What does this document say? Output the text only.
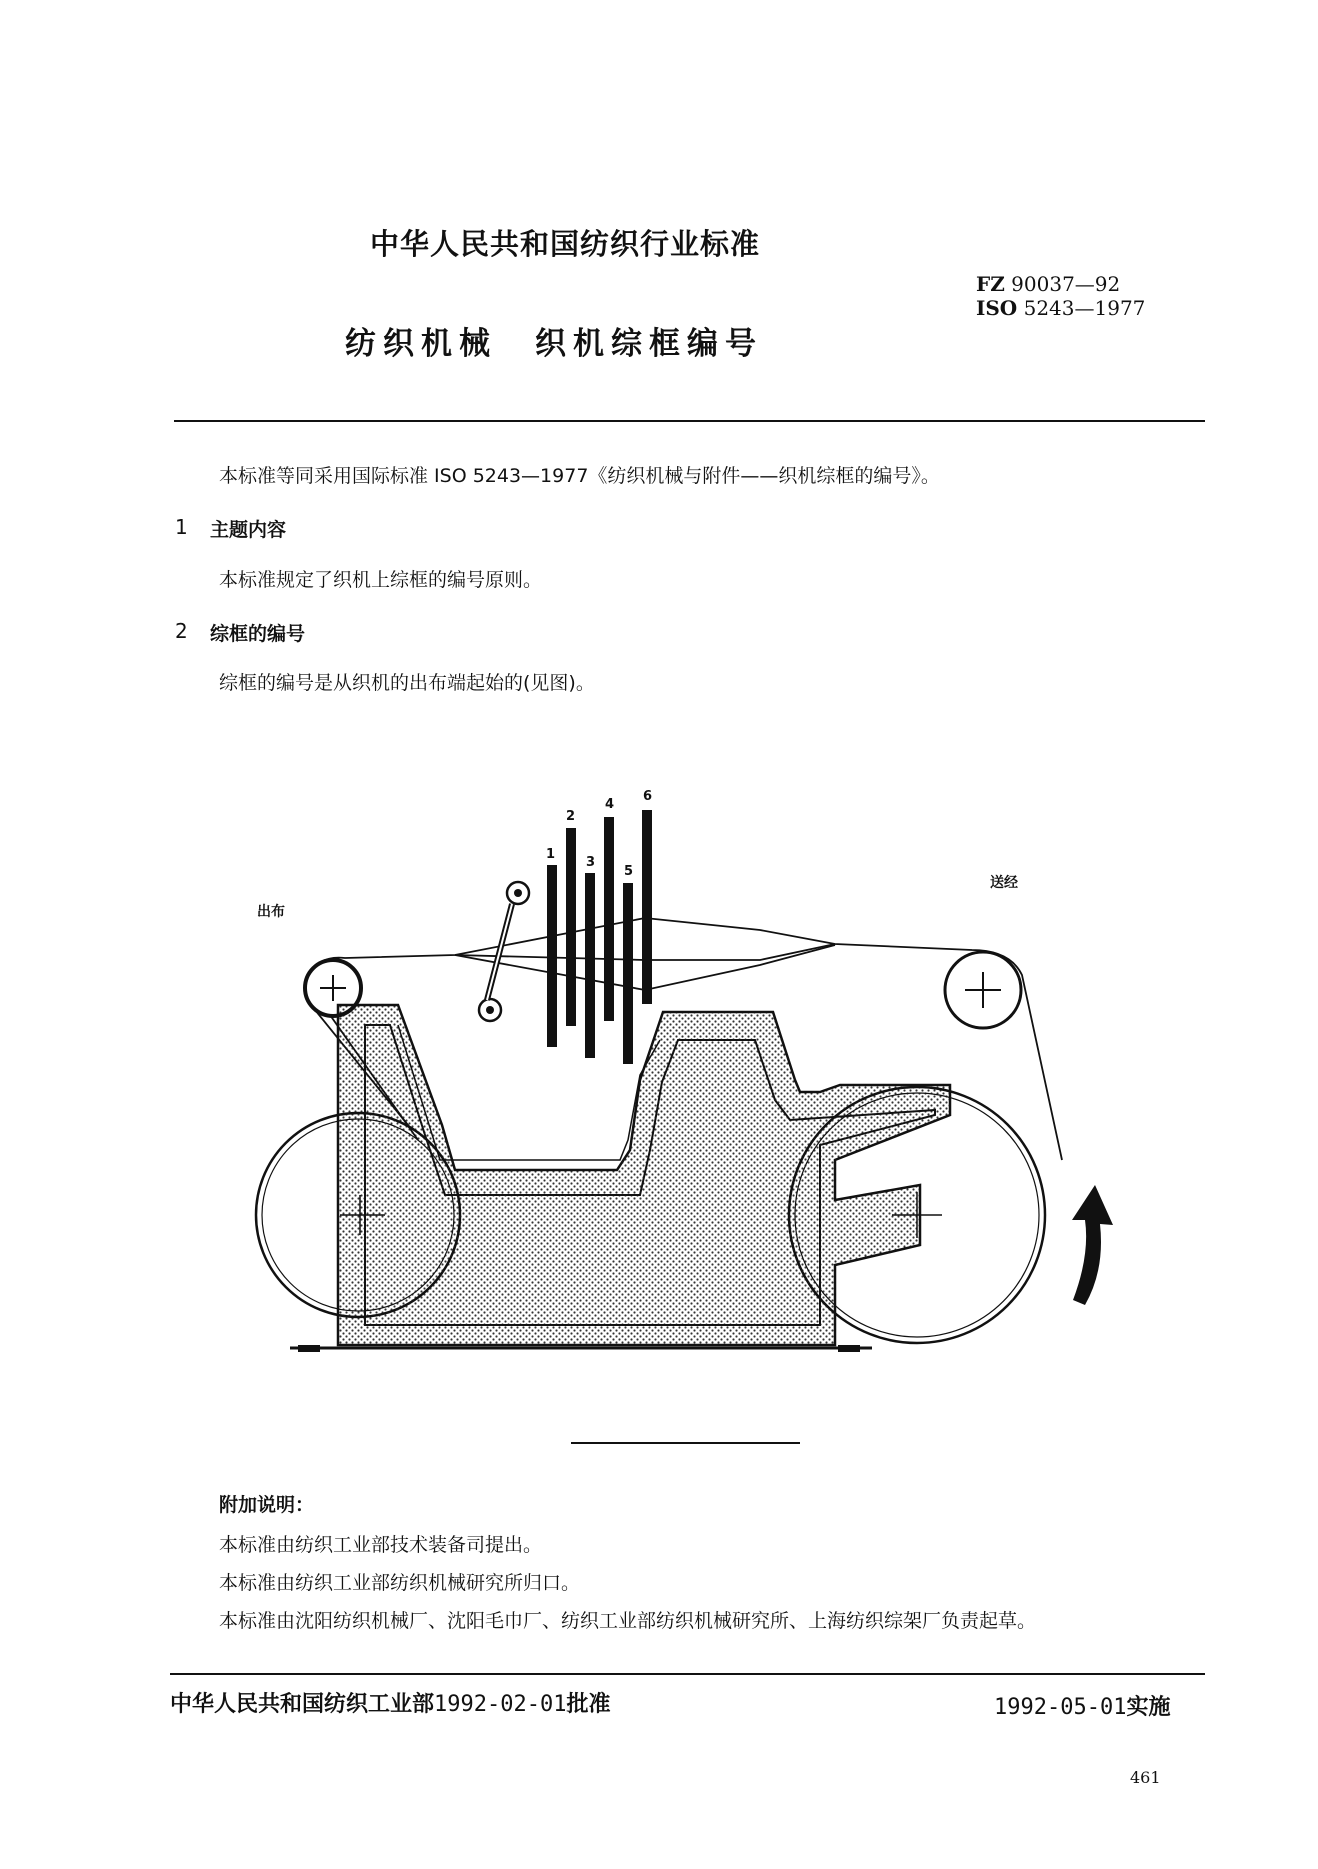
中华人民共和国纺织行业标准
FZ 90037—92
ISO 5243—1977
纺织机械　织机综框编号
本标准等同采用国际标准 ISO 5243—1977《纺织机械与附件——织机综框的编号》。
1 主题内容
本标准规定了织机上综框的编号原则。
2 综框的编号
综框的编号是从织机的出布端起始的(见图)。
1
2
3
4
5
6
出布
送经
附加说明：
本标准由纺织工业部技术装备司提出。
本标准由纺织工业部纺织机械研究所归口。
本标准由沈阳纺织机械厂、沈阳毛巾厂、纺织工业部纺织机械研究所、上海纺织综架厂负责起草。
中华人民共和国纺织工业部1992-02-01批准	1992-05-01实施
461
